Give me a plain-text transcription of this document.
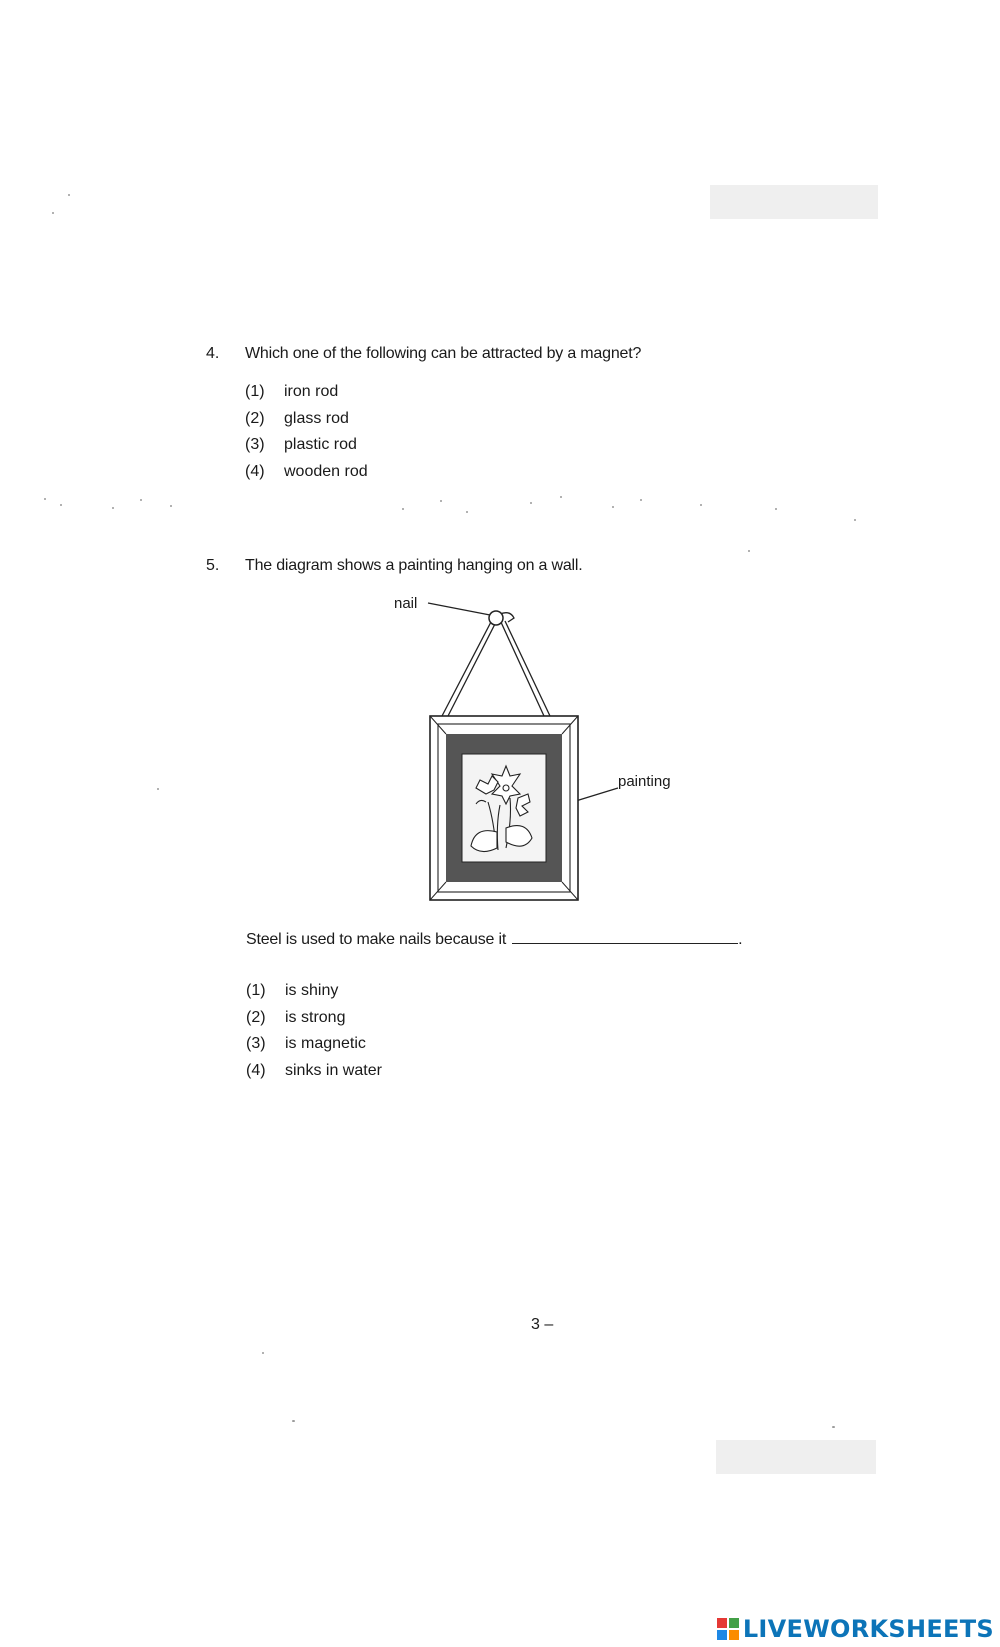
4. Which one of the following can be attracted by a magnet?
(1) iron rod
(2) glass rod
(3) plastic rod
(4) wooden rod
5. The diagram shows a painting hanging on a wall.
nail
painting
Steel is used to make nails because it	.
(1) is shiny
(2) is strong
(3) is magnetic
(4) sinks in water
3 –
LIVEWORKSHEETS
